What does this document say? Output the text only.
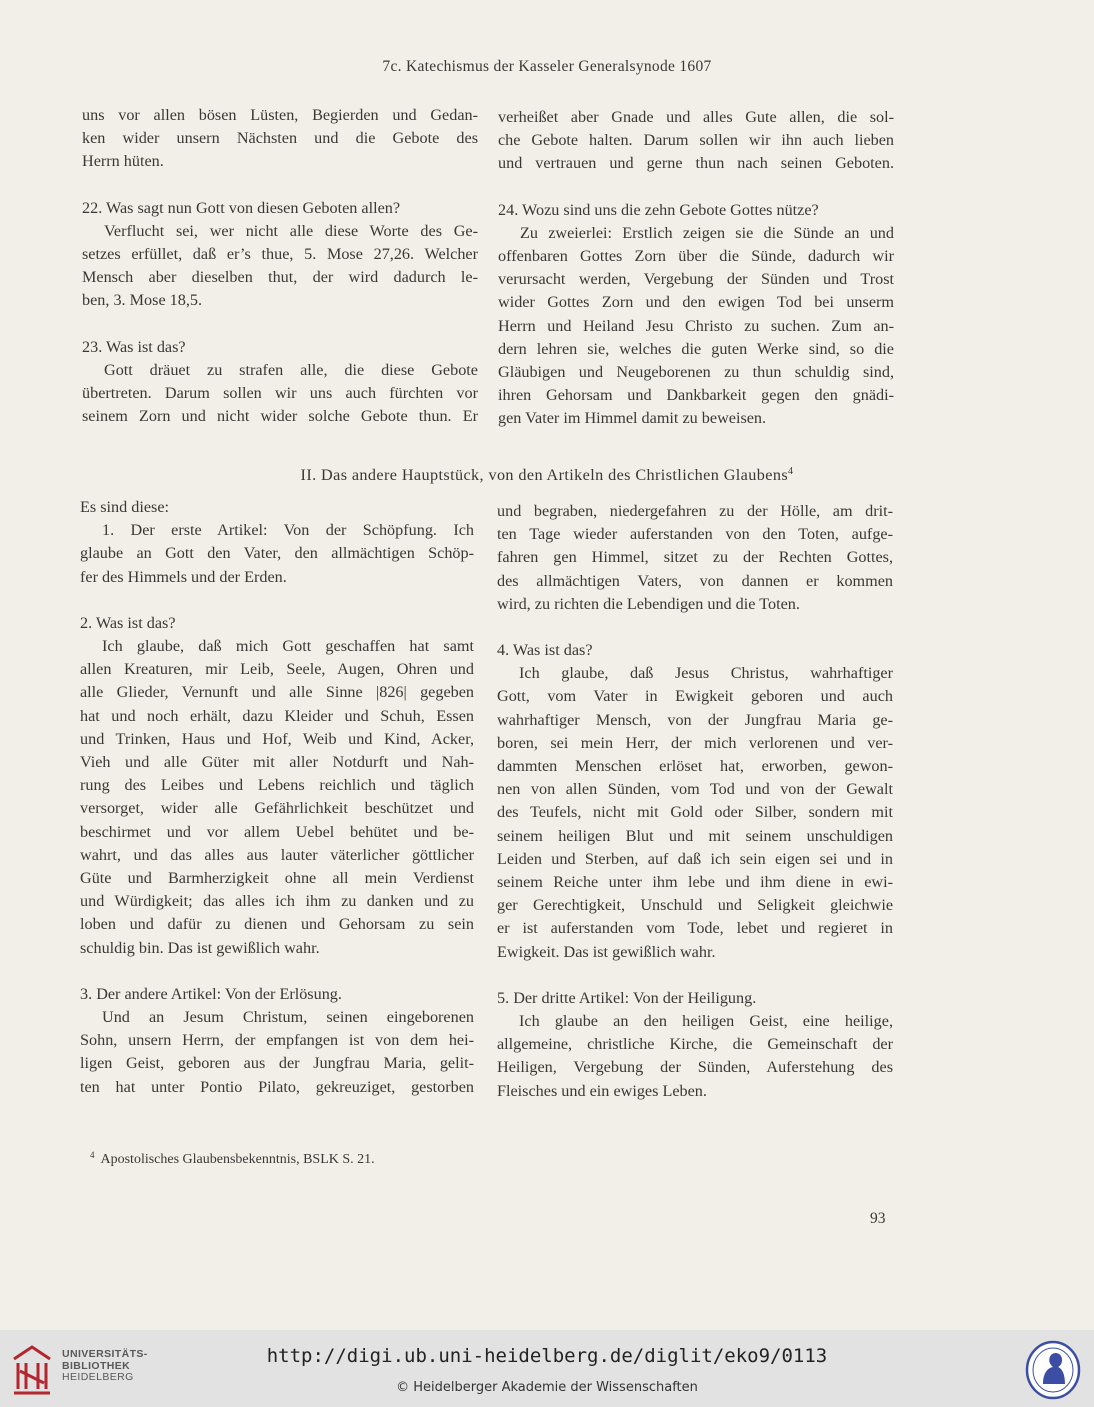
7c. Katechismus der Kasseler Generalsynode 1607

uns vor allen bösen Lüsten, Begierden und Gedan-

ken wider unsern Nächsten und die Gebote des

Herrn hüten.

22. Was sagt nun Gott von diesen Geboten allen?

Verflucht sei, wer nicht alle diese Worte des Ge-

setzes erfüllet, daß er’s thue, 5. Mose 27,26. Welcher

Mensch aber dieselben thut, der wird dadurch le-

ben, 3. Mose 18,5.

23. Was ist das?

Gott dräuet zu strafen alle, die diese Gebote

übertreten. Darum sollen wir uns auch fürchten vor

seinem Zorn und nicht wider solche Gebote thun. Er

verheißet aber Gnade und alles Gute allen, die sol-

che Gebote halten. Darum sollen wir ihn auch lieben

und vertrauen und gerne thun nach seinen Geboten.

24. Wozu sind uns die zehn Gebote Gottes nütze?

Zu zweierlei: Erstlich zeigen sie die Sünde an und

offenbaren Gottes Zorn über die Sünde, dadurch wir

verursacht werden, Vergebung der Sünden und Trost

wider Gottes Zorn und den ewigen Tod bei unserm

Herrn und Heiland Jesu Christo zu suchen. Zum an-

dern lehren sie, welches die guten Werke sind, so die

Gläubigen und Neugeborenen zu thun schuldig sind,

ihren Gehorsam und Dankbarkeit gegen den gnädi-

gen Vater im Himmel damit zu beweisen.

II. Das andere Hauptstück, von den Artikeln des Christlichen Glaubens$^4$

Es sind diese:

1. Der erste Artikel: Von der Schöpfung. Ich

glaube an Gott den Vater, den allmächtigen Schöp-

fer des Himmels und der Erden.

2. Was ist das?

Ich glaube, daß mich Gott geschaffen hat samt

allen Kreaturen, mir Leib, Seele, Augen, Ohren und

alle Glieder, Vernunft und alle Sinne |826| gegeben

hat und noch erhält, dazu Kleider und Schuh, Essen

und Trinken, Haus und Hof, Weib und Kind, Acker,

Vieh und alle Güter mit aller Notdurft und Nah-

rung des Leibes und Lebens reichlich und täglich

versorget, wider alle Gefährlichkeit beschützet und

beschirmet und vor allem Uebel behütet und be-

wahrt, und das alles aus lauter väterlicher göttlicher

Güte und Barmherzigkeit ohne all mein Verdienst

und Würdigkeit; das alles ich ihm zu danken und zu

loben und dafür zu dienen und Gehorsam zu sein

schuldig bin. Das ist gewißlich wahr.

3. Der andere Artikel: Von der Erlösung.

Und an Jesum Christum, seinen eingeborenen

Sohn, unsern Herrn, der empfangen ist von dem hei-

ligen Geist, geboren aus der Jungfrau Maria, gelit-

ten hat unter Pontio Pilato, gekreuziget, gestorben

und begraben, niedergefahren zu der Hölle, am drit-

ten Tage wieder auferstanden von den Toten, aufge-

fahren gen Himmel, sitzet zu der Rechten Gottes,

des allmächtigen Vaters, von dannen er kommen

wird, zu richten die Lebendigen und die Toten.

4. Was ist das?

Ich glaube, daß Jesus Christus, wahrhaftiger

Gott, vom Vater in Ewigkeit geboren und auch

wahrhaftiger Mensch, von der Jungfrau Maria ge-

boren, sei mein Herr, der mich verlorenen und ver-

dammten Menschen erlöset hat, erworben, gewon-

nen von allen Sünden, vom Tod und von der Gewalt

des Teufels, nicht mit Gold oder Silber, sondern mit

seinem heiligen Blut und mit seinem unschuldigen

Leiden und Sterben, auf daß ich sein eigen sei und in

seinem Reiche unter ihm lebe und ihm diene in ewi-

ger Gerechtigkeit, Unschuld und Seligkeit gleichwie

er ist auferstanden vom Tode, lebet und regieret in

Ewigkeit. Das ist gewißlich wahr.

5. Der dritte Artikel: Von der Heiligung.

Ich glaube an den heiligen Geist, eine heilige,

allgemeine, christliche Kirche, die Gemeinschaft der

Heiligen, Vergebung der Sünden, Auferstehung des

Fleisches und ein ewiges Leben.

$^4$ Apostolisches Glaubensbekenntnis, BSLK S. 21.
93
UNIVERSITÄTS-
BIBLIOTHEK
HEIDELBERG
http://digi.ub.uni-heidelberg.de/diglit/eko9/0113
© Heidelberger Akademie der Wissenschaften
